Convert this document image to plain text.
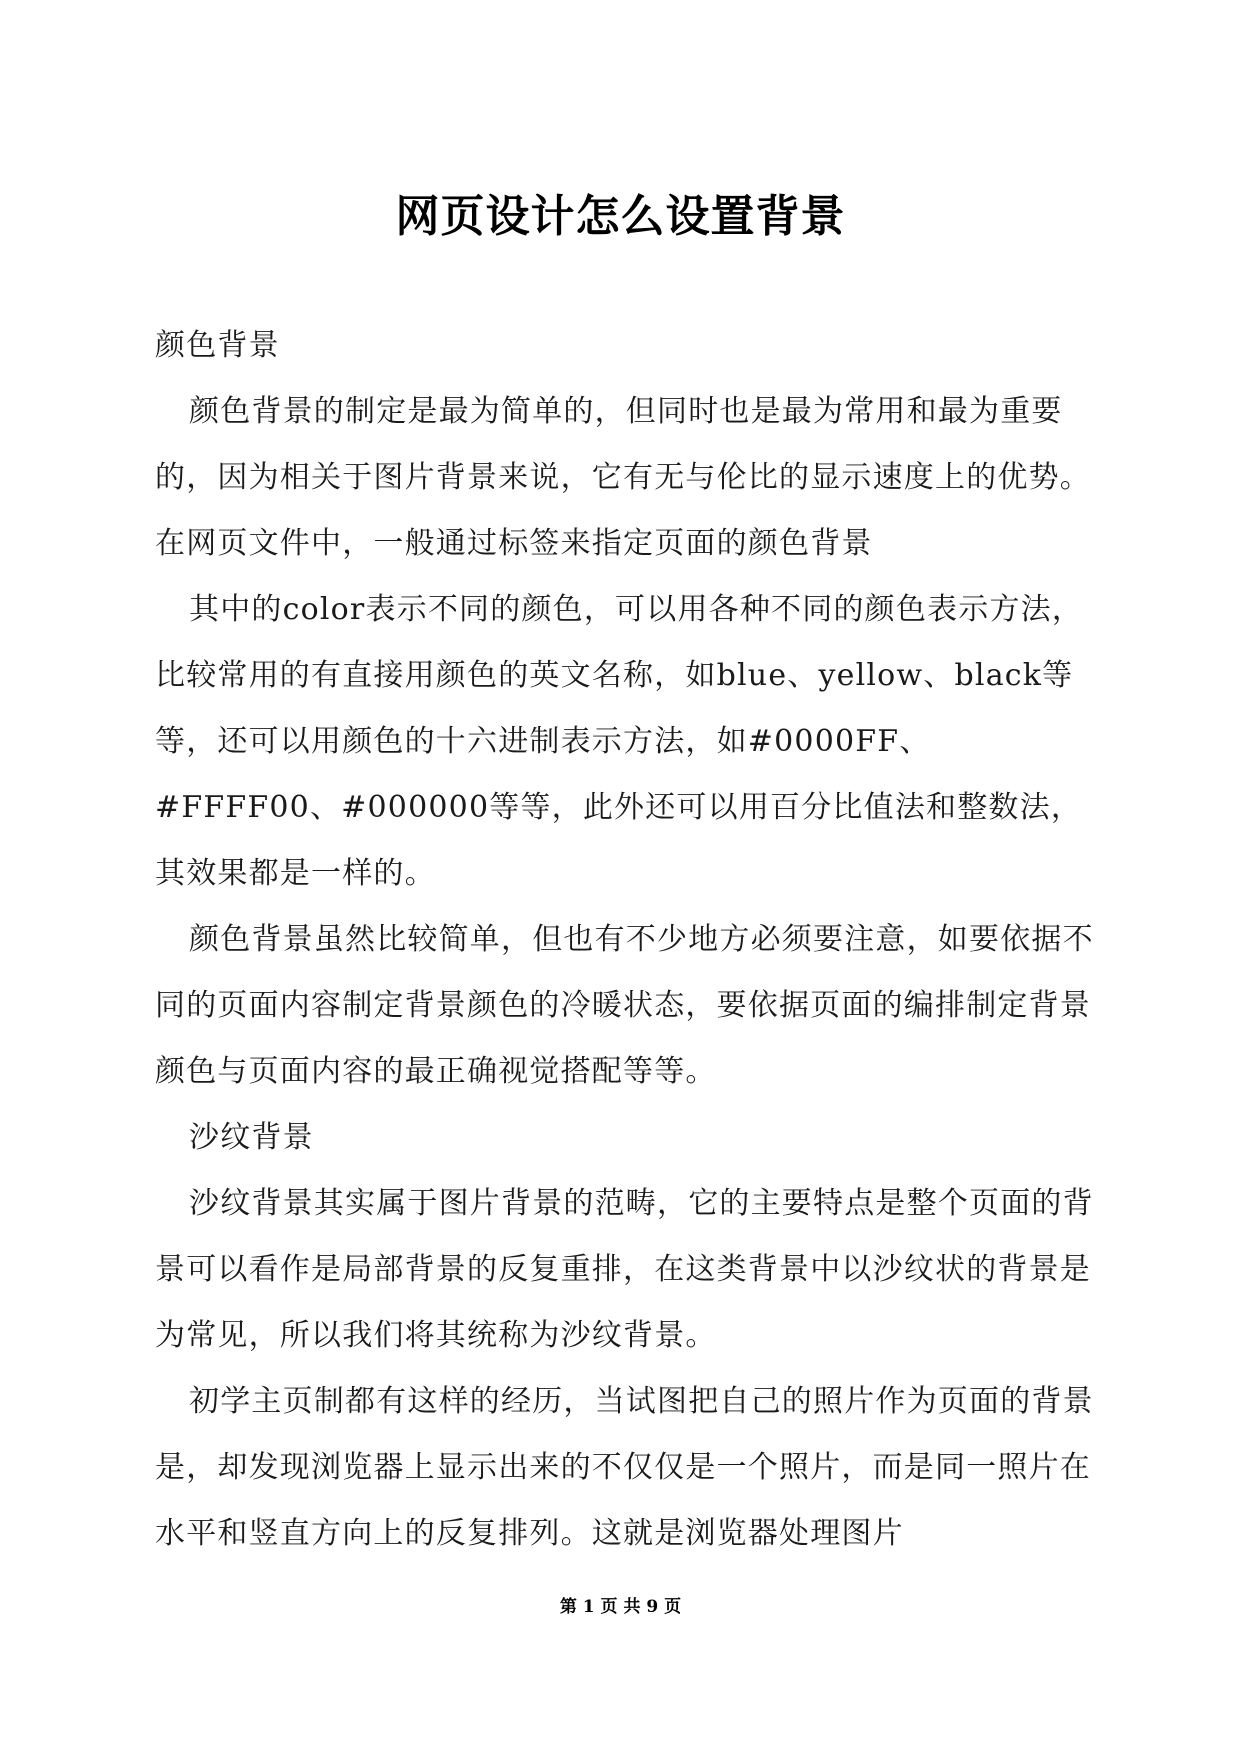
网页设计怎么设置背景

颜色背景

颜色背景的制定是最为简单的，但同时也是最为常用和最为重要的，因为相关于图片背景来说，它有无与伦比的显示速度上的优势。在网页文件中，一般通过标签来指定页面的颜色背景

其中的color表示不同的颜色，可以用各种不同的颜色表示方法，比较常用的有直接用颜色的英文名称，如blue、yellow、black等等，还可以用颜色的十六进制表示方法，如#0000FF、#FFFF00、#000000等等，此外还可以用百分比值法和整数法，其效果都是一样的。

颜色背景虽然比较简单，但也有不少地方必须要注意，如要依据不同的页面内容制定背景颜色的冷暖状态，要依据页面的编排制定背景颜色与页面内容的最正确视觉搭配等等。

沙纹背景

沙纹背景其实属于图片背景的范畴，它的主要特点是整个页面的背景可以看作是局部背景的反复重排，在这类背景中以沙纹状的背景是为常见，所以我们将其统称为沙纹背景。

初学主页制都有这样的经历，当试图把自己的照片作为页面的背景是，却发现浏览器上显示出来的不仅仅是一个照片，而是同一照片在水平和竖直方向上的反复排列。这就是浏览器处理图片

第 1 页 共 9 页
